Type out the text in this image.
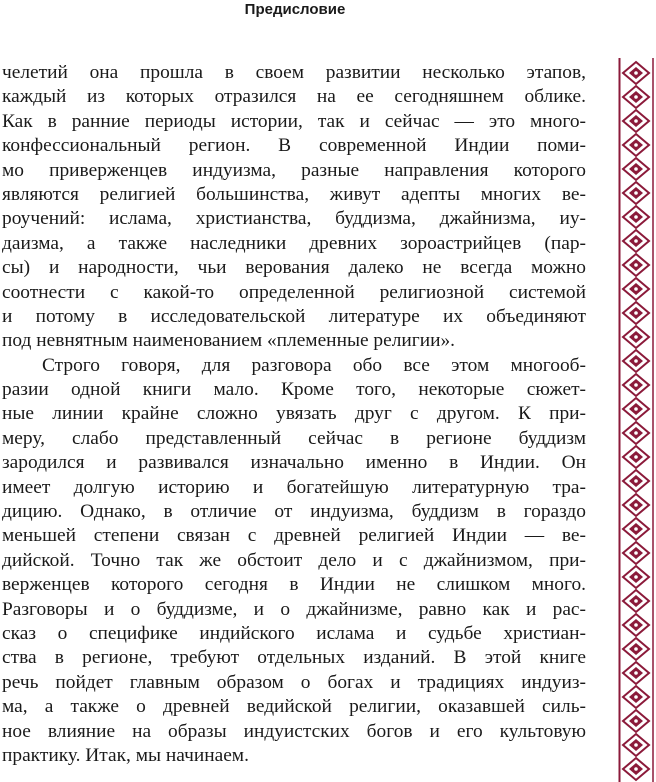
Предисловие
челетий она прошла в своем развитии несколько этапов,
каждый из которых отразился на ее сегодняшнем облике.
Как в ранние периоды истории, так и сейчас — это много-
конфессиональный регион. В современной Индии поми-
мо приверженцев индуизма, разные направления которого
являются религией большинства, живут адепты многих ве-
роучений: ислама, христианства, буддизма, джайнизма, иу-
даизма, а также наследники древних зороастрийцев (пар-
сы) и народности, чьи верования далеко не всегда можно
соотнести с какой-то определенной религиозной системой
и потому в исследовательской литературе их объединяют
под невнятным наименованием «племенные религии».
Строго говоря, для разговора обо все этом многооб-
разии одной книги мало. Кроме того, некоторые сюжет-
ные линии крайне сложно увязать друг с другом. К при-
меру, слабо представленный сейчас в регионе буддизм
зародился и развивался изначально именно в Индии. Он
имеет долгую историю и богатейшую литературную тра-
дицию. Однако, в отличие от индуизма, буддизм в гораздо
меньшей степени связан с древней религией Индии — ве-
дийской. Точно так же обстоит дело и с джайнизмом, при-
верженцев которого сегодня в Индии не слишком много.
Разговоры и о буддизме, и о джайнизме, равно как и рас-
сказ о специфике индийского ислама и судьбе христиан-
ства в регионе, требуют отдельных изданий. В этой книге
речь пойдет главным образом о богах и традициях индуиз-
ма, а также о древней ведийской религии, оказавшей силь-
ное влияние на образы индуистских богов и его культовую
практику. Итак, мы начинаем.
